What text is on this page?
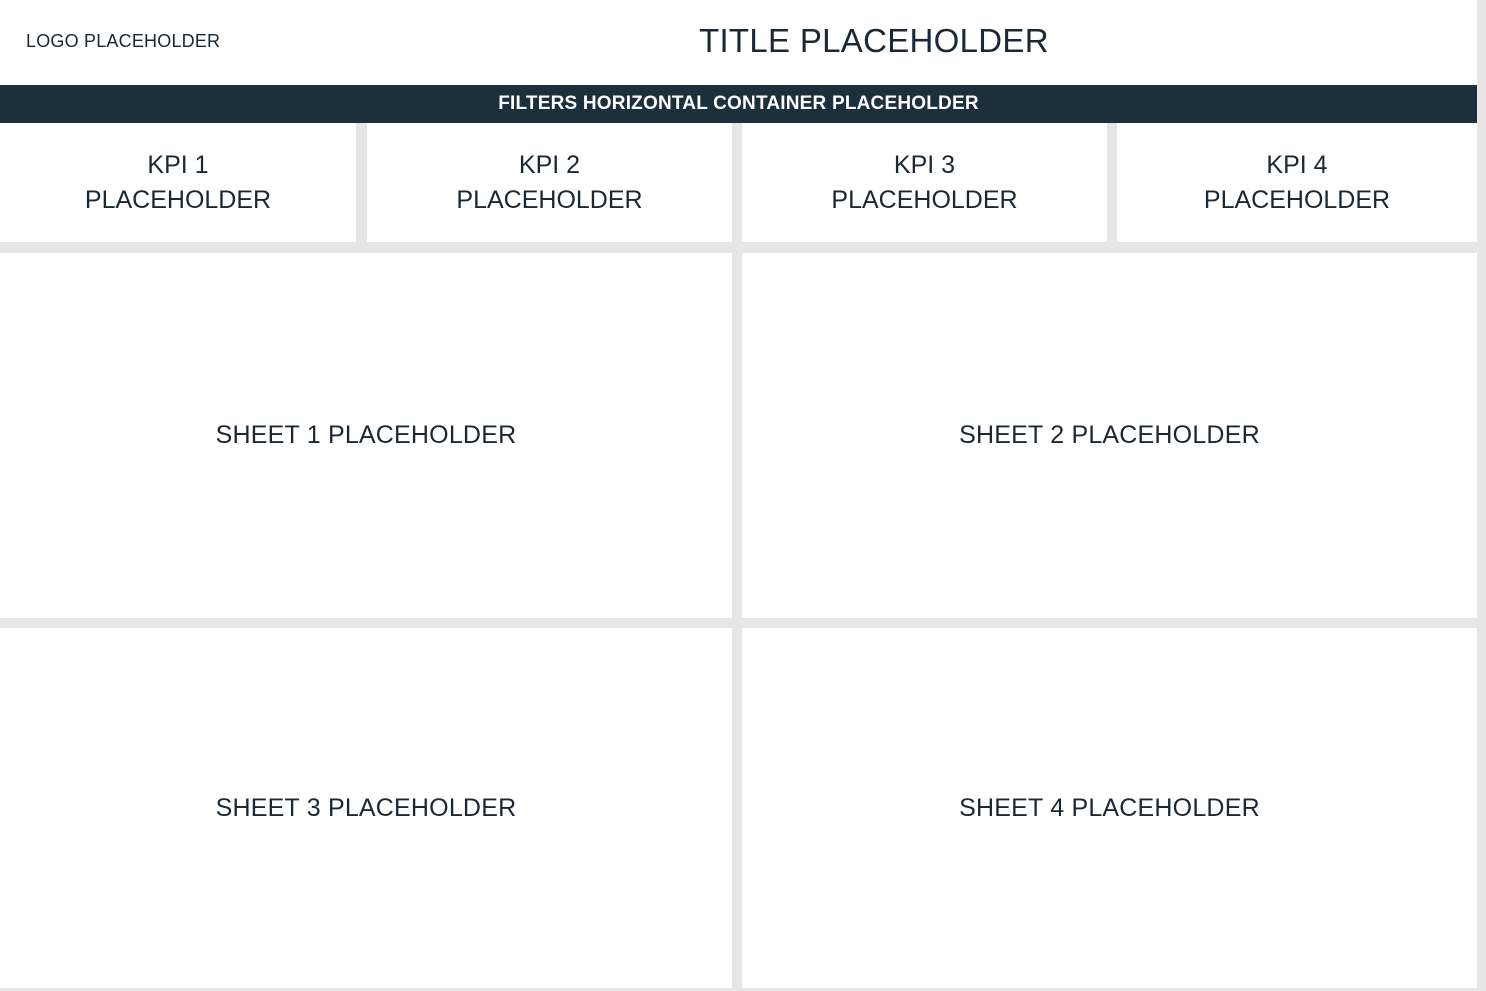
LOGO PLACEHOLDER	TITLE PLACEHOLDER
FILTERS HORIZONTAL CONTAINER PLACEHOLDER
KPI 1
PLACEHOLDER
KPI 2
PLACEHOLDER
KPI 3
PLACEHOLDER
KPI 4
PLACEHOLDER
SHEET 1 PLACEHOLDER	SHEET 2 PLACEHOLDER
SHEET 3 PLACEHOLDER	SHEET 4 PLACEHOLDER
